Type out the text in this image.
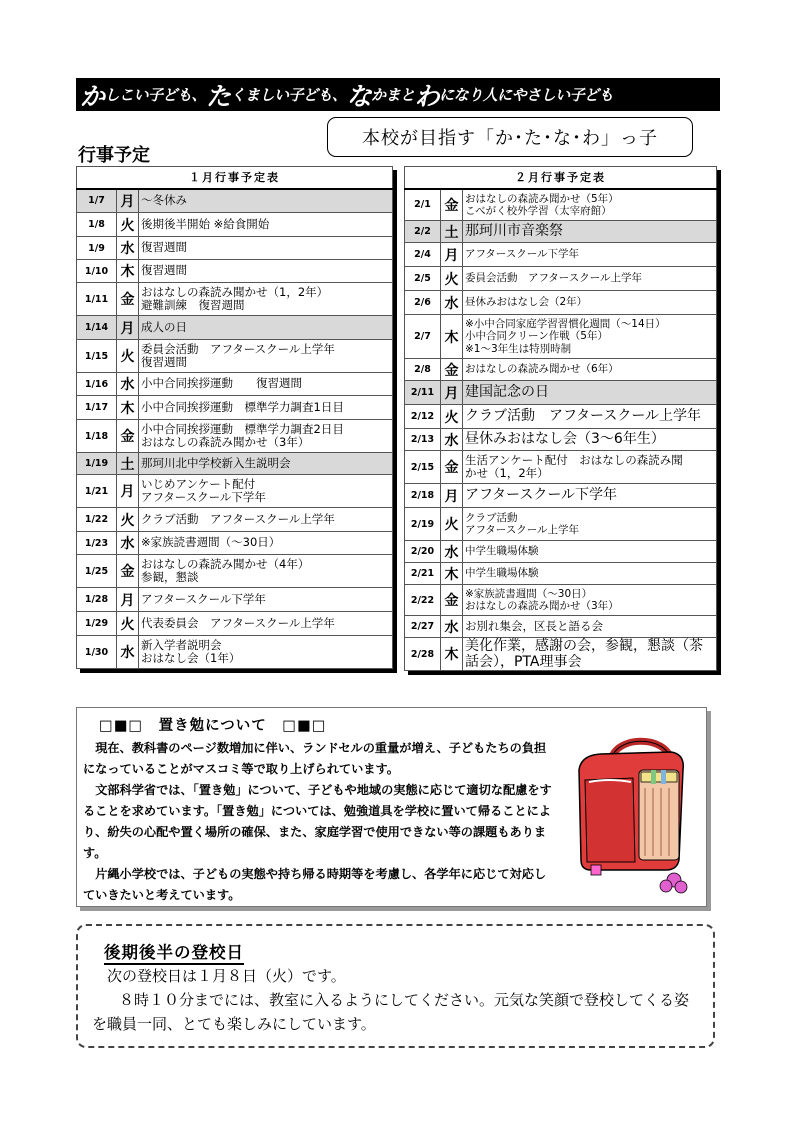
か しこい子ども、 た くましい子ども、 な かまと わ になり人にやさしい子ども
本校が目指す「か･た･な･わ」っ子
行事予定
１月行事予定表		
1/7	月	～冬休み

1/8	火	後期後半開始 ※給食開始

1/9	水	復習週間

1/10	木	復習週間

1/11	金	おはなしの森読み聞かせ（1，2年）
避難訓練　復習週間

1/14	月	成人の日

1/15	火	委員会活動　アフタースクール上学年
復習週間

1/16	水	小中合同挨拶運動　　復習週間

1/17	木	小中合同挨拶運動　標準学力調査1日目

1/18	金	小中合同挨拶運動　標準学力調査2日目
おはなしの森読み聞かせ（3年）

1/19	土	那珂川北中学校新入生説明会

1/21	月	いじめアンケート配付
アフタースクール下学年

1/22	火	クラブ活動　アフタースクール上学年

1/23	水	※家族読書週間（～30日）

1/25	金	おはなしの森読み聞かせ（4年）
参観，懇談

1/28	月	アフタースクール下学年

1/29	火	代表委員会　アフタースクール上学年

1/30	水	新入学者説明会
おはなし会（1年）
２月行事予定表		
2/1	金	おはなしの森読み聞かせ（5年）
こべがく校外学習（太宰府館）

2/2	土	那珂川市音楽祭

2/4	月	アフタースクール下学年

2/5	火	委員会活動　アフタースクール上学年

2/6	水	昼休みおはなし会（2年）

2/7	木	※小中合同家庭学習習慣化週間（～14日）
小中合同クリーン作戦（5年）
※1～3年生は特別時制

2/8	金	おはなしの森読み聞かせ（6年）

2/11	月	建国記念の日

2/12	火	クラブ活動　アフタースクール上学年

2/13	水	昼休みおはなし会（3～6年生）

2/15	金	生活アンケート配付　おはなしの森読み聞
かせ（1，2年）

2/18	月	アフタースクール下学年

2/19	火	クラブ活動
アフタースクール上学年

2/20	水	中学生職場体験

2/21	木	中学生職場体験

2/22	金	※家族読書週間（～30日）
おはなしの森読み聞かせ（3年）

2/27	水	お別れ集会，区長と語る会

2/28	木	美化作業，感謝の会，参観，懇談（茶
話会），PTA理事会
□■□　置き勉について　□■□

現在、教科書のページ数増加に伴い、ランドセルの重量が増え、子どもたちの負担になっていることがマスコミ等で取り上げられています。

文部科学省では、「置き勉」について、子どもや地域の実態に応じて適切な配慮をすることを求めています。「置き勉」については、勉強道具を学校に置いて帰ることにより、紛失の心配や置く場所の確保、また、家庭学習で使用できない等の課題もあります。

片縄小学校では、子どもの実態や持ち帰る時期等を考慮し、各学年に応じて対応していきたいと考えています。

後期後半の登校日

次の登校日は１月８日（火）です。

８時１０分までには、教室に入るようにしてください。元気な笑顔で登校してくる姿を職員一同、とても楽しみにしています。
